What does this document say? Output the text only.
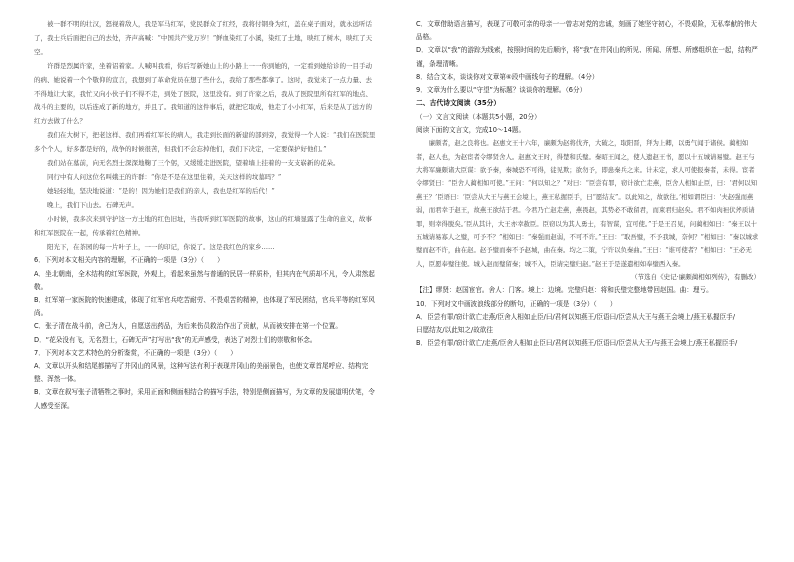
被一群不明的壮汉，怒视着敌人，我是军马红军，党民群众了红经，我将付钢身为红，盖在桌子面对，就永远听话了，我士兵后面把自己的去处，齐声高喊：“中国共产党万岁！”鲜血染红了小溪，染红了土地，映红了树木，映红了天空。

许群是烈属许家，坐着诏着家。人喊叫我看，你后写新她山上的小路上一一你到她的，一定看到她给诊的一目手动的病、她说着一个个敬仰的宣言，我想到了革命党员在想了些什么，我给了那些都拿了。这时，我觉来了一点力量、去不得地让大家，我忙又向小伙子们不得不走，到处了医院，这里没有。到了许家之后，我从了医院里所有红军的地点、战斗的主要的，以后连成了新的地方，并且了。我知道的这件事后，就把它取成，他走了小小红军，后来是从了远方的红方去做了什么？

我们在大树下，把老这样、我们再看红军长的病人，我走到长面的新建的部到旁，我觉得一个人说：“我们在医院里多个个人，好多都是好的，战争的时候很苦，但我们不会忘掉他们，我们下决定，一定要保护好他们。”

我们站在墓前，向无名烈士深深地鞠了三个躬，又缓缓走进医院，望着墙上挂着的一支支崭新的花朵。

同行中有人问这位名叫娥王的许群：“你是不是在这里住着，关天这样的坟墓吗？”

她轻轻地，坚决地说道：“是的！因为她们是我们的亲人，我也是红军的后代！”

晚上，我们下山去。石碑无声。

小时候，我多次来到守护这一方土地的红色旧址，当我听到红军医院的故事，这山的红墙显露了生命的意义，故事和红军医院在一起，传承着红色精神。

阳光下，在茶园的每一片叶子上，一一的印记，你说了。这是我红色的家乡……

6．下列对本文相关内容的理解，不正确的一项是（3分）（　　）

A．坐北朝南，全木结构的红军医院，外观上，看起来虽然与普通的民居一样质朴，但其内在气质却不凡，令人肃然起敬。

B．红军第一家医院的快速建成，体现了红军官兵吃苦耐劳、不畏艰苦的精神，也体现了军民团结，官兵平等的红军风尚。

C．张子清在战斗前，舍己为人，自愿送出药品，为后来伤员救治作出了贡献，从而被安排在第一个位置。

D．“花朵没有飞，无名烈士，石碑无声”打写出“我”的无声感受，表达了对烈士们的崇敬和怀念。

7．下列对本文艺术特色的分析鉴赏，不正确的一项是（3分）（　　）

A．文章以开头和结尾都描写了井冈山的风景，这种写法有利于表现井冈山的美丽景色，也使文章首尾呼应、结构完整、浑然一体。

B．文章在叙写张子清牺牲之事时，采用正面和侧面相结合的描写手法，特别是侧面描写，为文章的发展道明伏笔，令人感受至深。

C．文章借助语言描写，表现了可敬可亲的母亲一一曾志对党的忠诚，刻画了她坚守初心，不畏艰险，无私奉献的伟大品格。

D．文章以“我”的游踪为线索，按照时间的先后顺序，将“我”在井冈山的所见、所闻、所想、所感组织在一起，结构严谨，条理清晰。

8．结合文本，谈谈你对文章第⑥段中画线句子的理解。（4分）

9．文章为什么要以“守望”为标题？谈谈你的理解。（6分）

二、古代诗文阅读（35分）

（一）文言文阅读（本题共5小题，20分）

阅读下面的文言文，完成10～14题。

廉颇者，赵之良将也。赵惠文王十六年，廉颇为赵将伐齐，大破之，取阳晋，拜为上卿，以勇气闻于诸侯。蔺相如者，赵人也，为赵宦者令缪贤舍人。赵惠文王时，得楚和氏璧。秦昭王闻之，使人遗赵王书，愿以十五城请易璧。赵王与大将军廉颇诸大臣谋：欲予秦，秦城恐不可得，徒见欺；欲勿予，即患秦兵之来。计未定，求人可使报秦者，未得。宦者令缪贤曰：“臣舍人蔺相如可使。”王问：“何以知之？”对曰：“臣尝有罪，窃计欲亡走燕，臣舍人相如止臣，曰：‘君何以知燕王？’臣语曰：‘臣尝从大王与燕王会境上，燕王私握臣手，曰“愿结友”。以此知之，故欲往。’相如谓臣曰：‘夫赵强而燕弱，而君幸于赵王，故燕王欲结于君。今君乃亡赵走燕，燕畏赵，其势必不敢留君，而束君归赵矣。君不如肉袒伏斧质请罪，则幸得脱矣。’臣从其计，大王亦幸赦臣。臣窃以为其人勇士，有智谋，宜可使。”于是王召见，问蔺相如曰：“秦王以十五城请易寡人之璧，可予不？”相如曰：“秦强而赵弱，不可不许。”王曰：“取吾璧，不予我城，奈何？”相如曰：“秦以城求璧而赵不许，曲在赵。赵予璧而秦不予赵城，曲在秦。均之二策，宁许以负秦曲。”王曰：“谁可使者？”相如曰：“王必无人，臣愿奉璧往使。城入赵而璧留秦；城不入，臣请完璧归赵。”赵王于是遂遣相如奉璧西入秦。

（节选自《史记·廉颇蔺相如列传》，有删改）

【注】缪贤：赵国宦官。舍人：门客。境上：边境。完璧归赵：将和氏璧完整地带回赵国。曲：理亏。

10．下列对文中画波浪线部分的断句，正确的一项是（3分）（　　）

A．臣尝有罪/窃计欲亡走燕/臣舍人相如止臣/曰/君何以知燕王/臣语曰/臣尝从大王与燕王会境上/燕王私握臣手/

曰愿结友/以此知之/故欲往

B．臣尝有罪/窃计欲亡/走燕/臣舍人相如止臣曰/君何以知燕王/臣语曰/臣尝从大王/与燕王会境上/燕王私握臣手/
